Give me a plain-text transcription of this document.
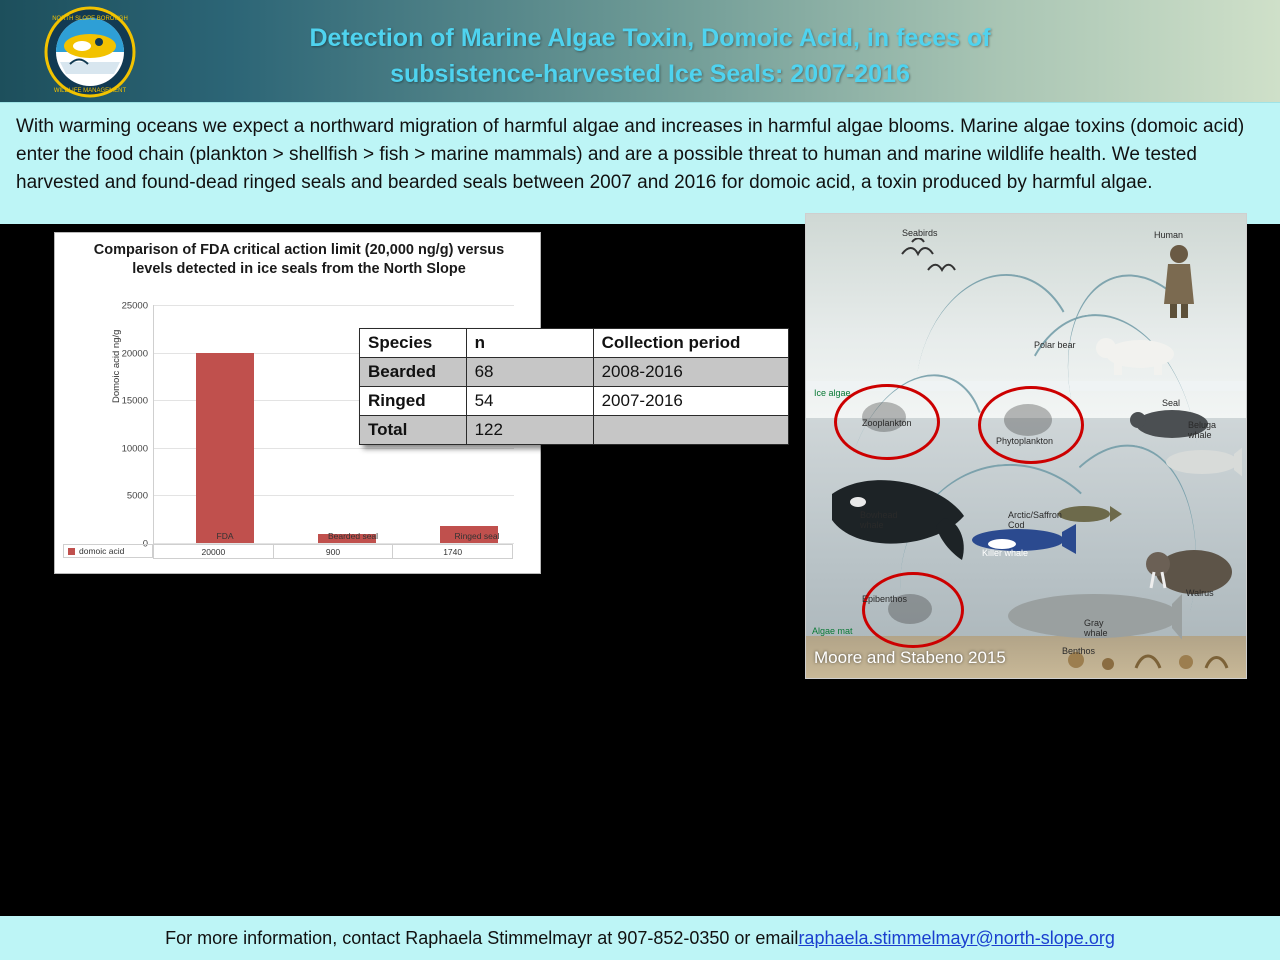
NORTH SLOPE BOROUGH
WILDLIFE MANAGEMENT
Detection of Marine Algae Toxin, Domoic Acid, in feces of
subsistence-harvested Ice Seals: 2007-2016

With warming oceans we expect a northward migration of harmful algae and increases in harmful algae blooms. Marine algae toxins (domoic acid) enter the food chain (plankton > shellfish > fish > marine mammals) and are a possible threat to human and marine wildlife health. We tested harvested and found-dead ringed seals and bearded seals between 2007 and 2016 for domoic acid, a toxin produced by harmful algae.

Comparison of FDA critical action limit (20,000 ng/g) versus levels detected in ice seals from the North Slope
Domoic acid ng/g
25000
20000
15000
10000
5000
0
FDA	Bearded seal	Ringed seal
domoic acid	20000	900	1740
Species	n	Collection period
Bearded	68	2008-2016
Ringed	54	2007-2016
Total	122	
Seabirds	Human
Polar bear
Seal
Beluga whale
Zooplankton
Phytoplankton
Ice algae
Bowhead whale
Arctic/Saffron Cod
Killer whale
Walrus
Gray whale
Epibenthos
Algae mat
Benthos
Moore and Stabeno 2015
For more information, contact Raphaela Stimmelmayr at 907-852-0350 or email raphaela.stimmelmayr@north-slope.org
